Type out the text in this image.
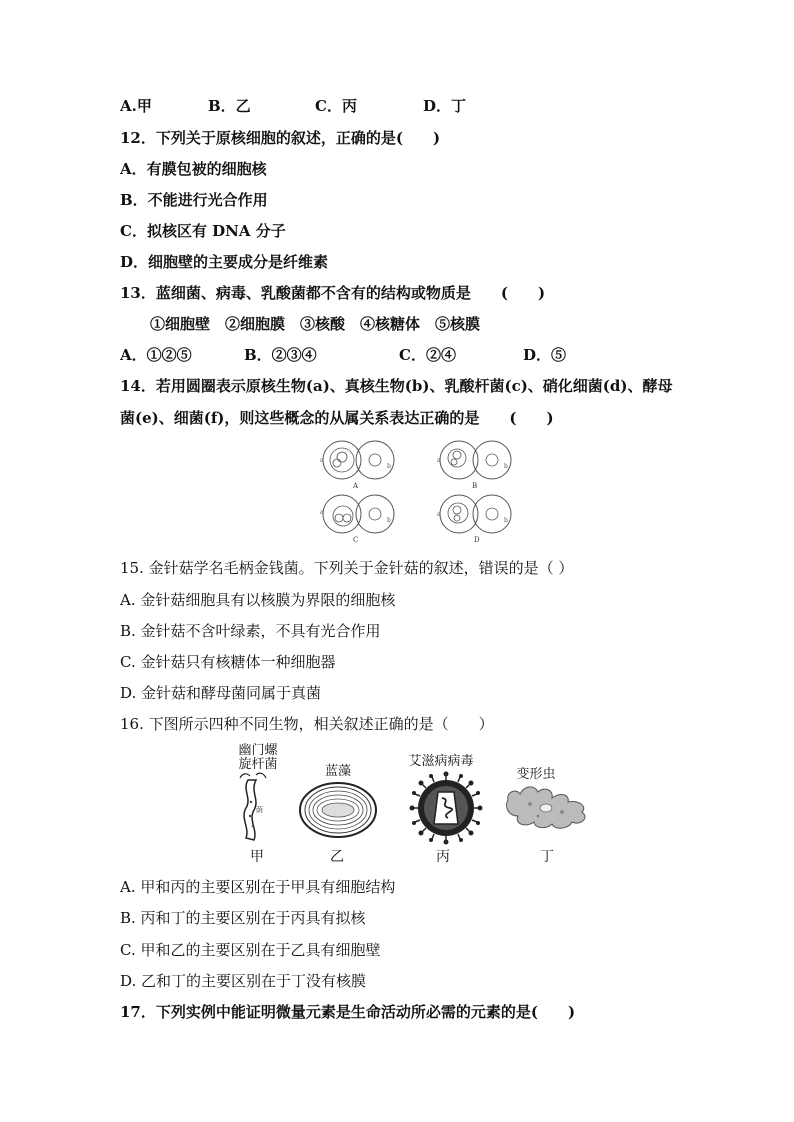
A.甲	B．乙	C．丙	D．丁
12．下列关于原核细胞的叙述，正确的是(　　)
A．有膜包被的细胞核
B．不能进行光合作用
C．拟核区有 DNA 分子
D．细胞壁的主要成分是纤维素
13．蓝细菌、病毒、乳酸菌都不含有的结构或物质是　　(　　)
①细胞壁　②细胞膜　③核酸　④核糖体　⑤核膜
A．①②⑤	B．②③④	C．②④	D．⑤
14．若用圆圈表示原核生物(a)、真核生物(b)、乳酸杆菌(c)、硝化细菌(d)、酵母
菌(e)、细菌(f)，则这些概念的从属关系表达正确的是　　(　　)
a
b
A
a
b
B
a
b
C
a
b
D
15. 金针菇学名毛柄金钱菌。下列关于金针菇的叙述，错误的是（ ）
A. 金针菇细胞具有以核膜为界限的细胞核
B. 金针菇不含叶绿素，不具有光合作用
C. 金针菇只有核糖体一种细胞器
D. 金针菇和酵母菌同属于真菌
16. 下图所示四种不同生物，相关叙述正确的是（　　）
幽门螺
旋杆菌
荫
甲
蓝藻
乙
艾滋病病毒
丙
变形虫
丁
A. 甲和丙的主要区别在于甲具有细胞结构
B. 丙和丁的主要区别在于丙具有拟核
C. 甲和乙的主要区别在于乙具有细胞壁
D. 乙和丁的主要区别在于丁没有核膜
17．下列实例中能证明微量元素是生命活动所必需的元素的是(　　)
